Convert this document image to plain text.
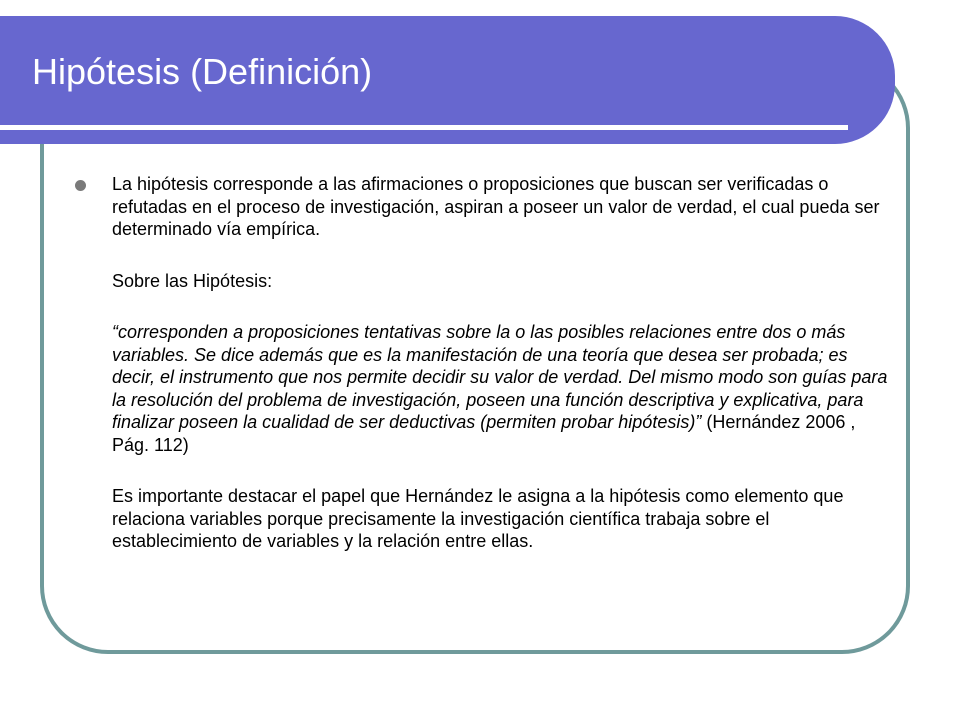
Hipótesis (Definición)

La hipótesis corresponde a las afirmaciones o proposiciones que buscan ser verificadas o refutadas en el proceso de investigación, aspiran a poseer un valor de verdad, el cual pueda ser determinado vía empírica.

Sobre las Hipótesis:

“corresponden a proposiciones tentativas sobre la o las posibles relaciones entre dos o más variables. Se dice además que es la manifestación de una teoría que desea ser probada; es decir, el instrumento que nos permite decidir su valor de verdad. Del mismo modo son guías para la resolución del problema de investigación, poseen una función descriptiva y explicativa, para finalizar poseen la cualidad de ser deductivas (permiten probar hipótesis)” (Hernández 2006 , Pág. 112)

Es importante destacar el papel que Hernández le asigna a la hipótesis como elemento que relaciona variables porque precisamente la investigación científica trabaja sobre el establecimiento de variables y la relación entre ellas.
